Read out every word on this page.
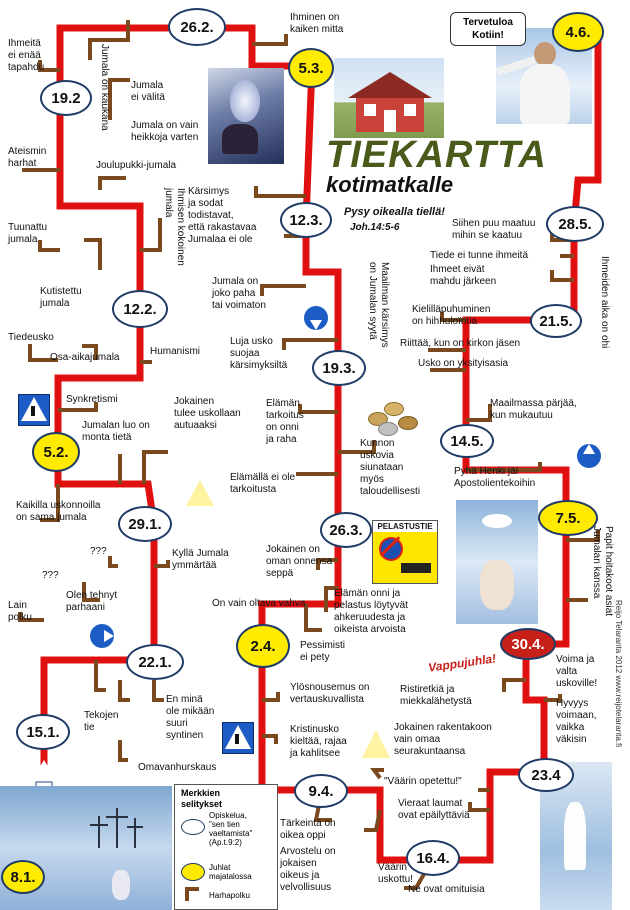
PELASTUSTIE
TIEKARTTA
kotimatkalle
Pysy oikealla tiellä!
Joh.14:5-6
Tervetuloa
Kotiin!
Vappujuhla!	Reijo Telaranta 2012 www.reijotelaranta.fi
Ihmeitä
ei enää
tapahdu
Ateismin
harhat
Tuunattu
jumala
Kutistettu
jumala
Tiedeusko
Osa-aikajumala
Synkretismi
Jumala
ei välitä
Jumala on vain
heikkoja varten
Joulupukki-jumala
Humanismi
Jumalan luo on
monta tietä
Jokainen
tulee uskollaan
autuaaksi
Kaikilla uskonnoilla
on sama jumala
???	Kyllä Jumala
ymmärtää
???
Olen tehnyt
parhaani
Lain
polku
Tekojen
tie
En minä
ole mikään
suuri
syntinen
Omavanhurskaus
Ihminen on
kaiken mitta
Kärsimys
ja sodat
todistavat,
että rakastavaa
Jumalaa ei ole
Jumala on
joko paha
tai voimaton
Luja usko
suojaa
kärsimyksiltä
Elämän
tarkoitus
on onni
ja raha
Elämällä ei ole
tarkoitusta
Kunnon
uskovia
siunataan
myös
taloudellisesti
Jokainen on
oman onnensa
seppä
On vain oltava vahva
Elämän onni ja
pelastus löytyvät
ahkeruudesta ja
oikeista arvoista
Pessimisti
ei pety
Ylösnousemus on
vertauskuvallista
Kristinusko
kieltää, rajaa
ja kahlitsee
Tärkeintä on
oikea oppi
Arvostelu on
jokaisen
oikeus ja
velvollisuus
Väärin
uskottu!
Ne ovat omituisia
"Väärin opetettu!"
Vieraat laumat
ovat epäilyttäviä
Jokainen rakentakoon
vain omaa
seurakuntaansa
Ristiretkiä ja
miekkalähetystä	Hyvyys
voimaan,
vaikka
väkisin
Voima ja
valta
uskoville!
Pyhä Henki jäi
Apostolientekoihin
Maailmassa pärjää,
kun mukautuu
Usko on yksityisasia
Riittää, kun on kirkon jäsen
Kielilläpuhuminen
on hihhuloïntia
Ihmeet eivät
mahdu järkeen
Tiede ei tunne ihmeitä
Siihen puu maatuu
mihin se kaatuu
Jumala on kaukana
Ihmisen kokoinen
jumala
Maailman kärsimys
on Jumalan syytä	Ihmeiden aika on ohi
Papit hoitakoot asiat
Jumalan kanssa
Merkkien
selitykset
Opiskelua,
"sen tien
vaeltamista"
(Ap.t.9:2)
Juhlat
majatalossa
Harhapolku
8.1.
15.1.
22.1.
29.1.
5.2.
12.2.
19.2
26.2.
5.3.
12.3.
19.3.
26.3.
2.4.
9.4.
16.4.
23.4
30.4.
7.5.
14.5.
21.5.
28.5.
4.6.
